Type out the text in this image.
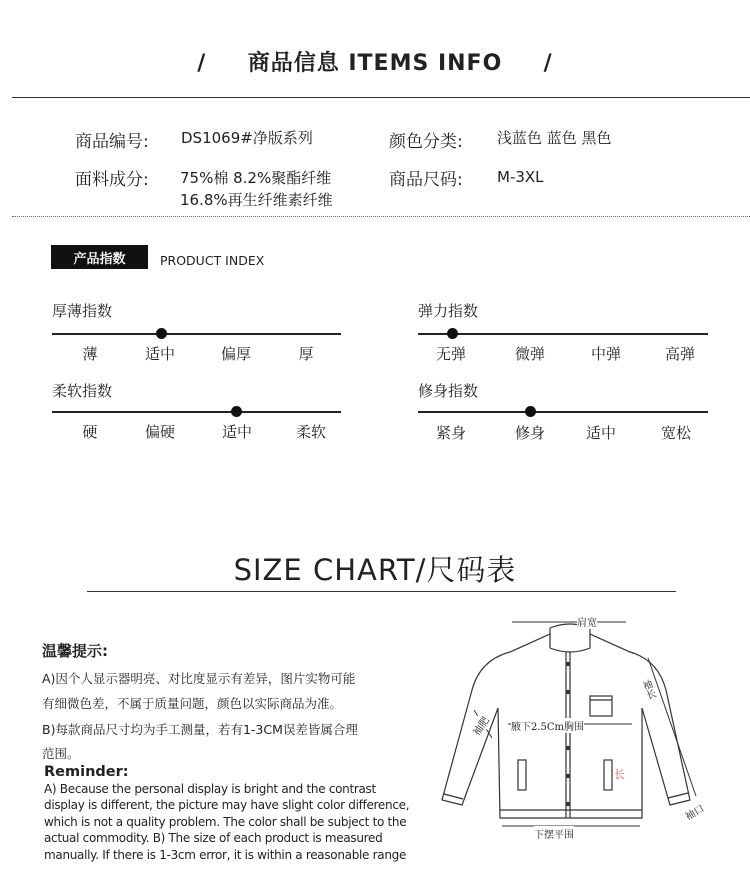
/ 商品信息 ITEMS INFO /
商品编号: DS1069#净版系列	颜色分类: 浅蓝色 蓝色 黑色
面料成分: 75%棉 8.2%聚酯纤维
16.8%再生纤维素纤维
商品尺码: M-3XL
产品指数	PRODUCT INDEX
厚薄指数
薄	适中	偏厚	厚
弹力指数
无弹	微弹	中弹	高弹
柔软指数
硬	偏硬	适中	柔软
修身指数
紧身	修身	适中	宽松
SIZE CHART/尺码表
温馨提示:
A)因个人显示器明亮、对比度显示有差异，图片实物可能
有细微色差，不属于质量问题，颜色以实际商品为准。
B)每款商品尺寸均为手工测量，若有1-3CM误差皆属合理
范围。
Reminder:
A) Because the personal display is bright and the contrast
display is different, the picture may have slight color difference,
which is not a quality problem. The color shall be subject to the
actual commodity. B) The size of each product is measured
manually. If there is 1-3cm error, it is within a reasonable range
长
肩宽
袖长
袖肥 腋下2.5Cm胸围
下摆平围
袖口
